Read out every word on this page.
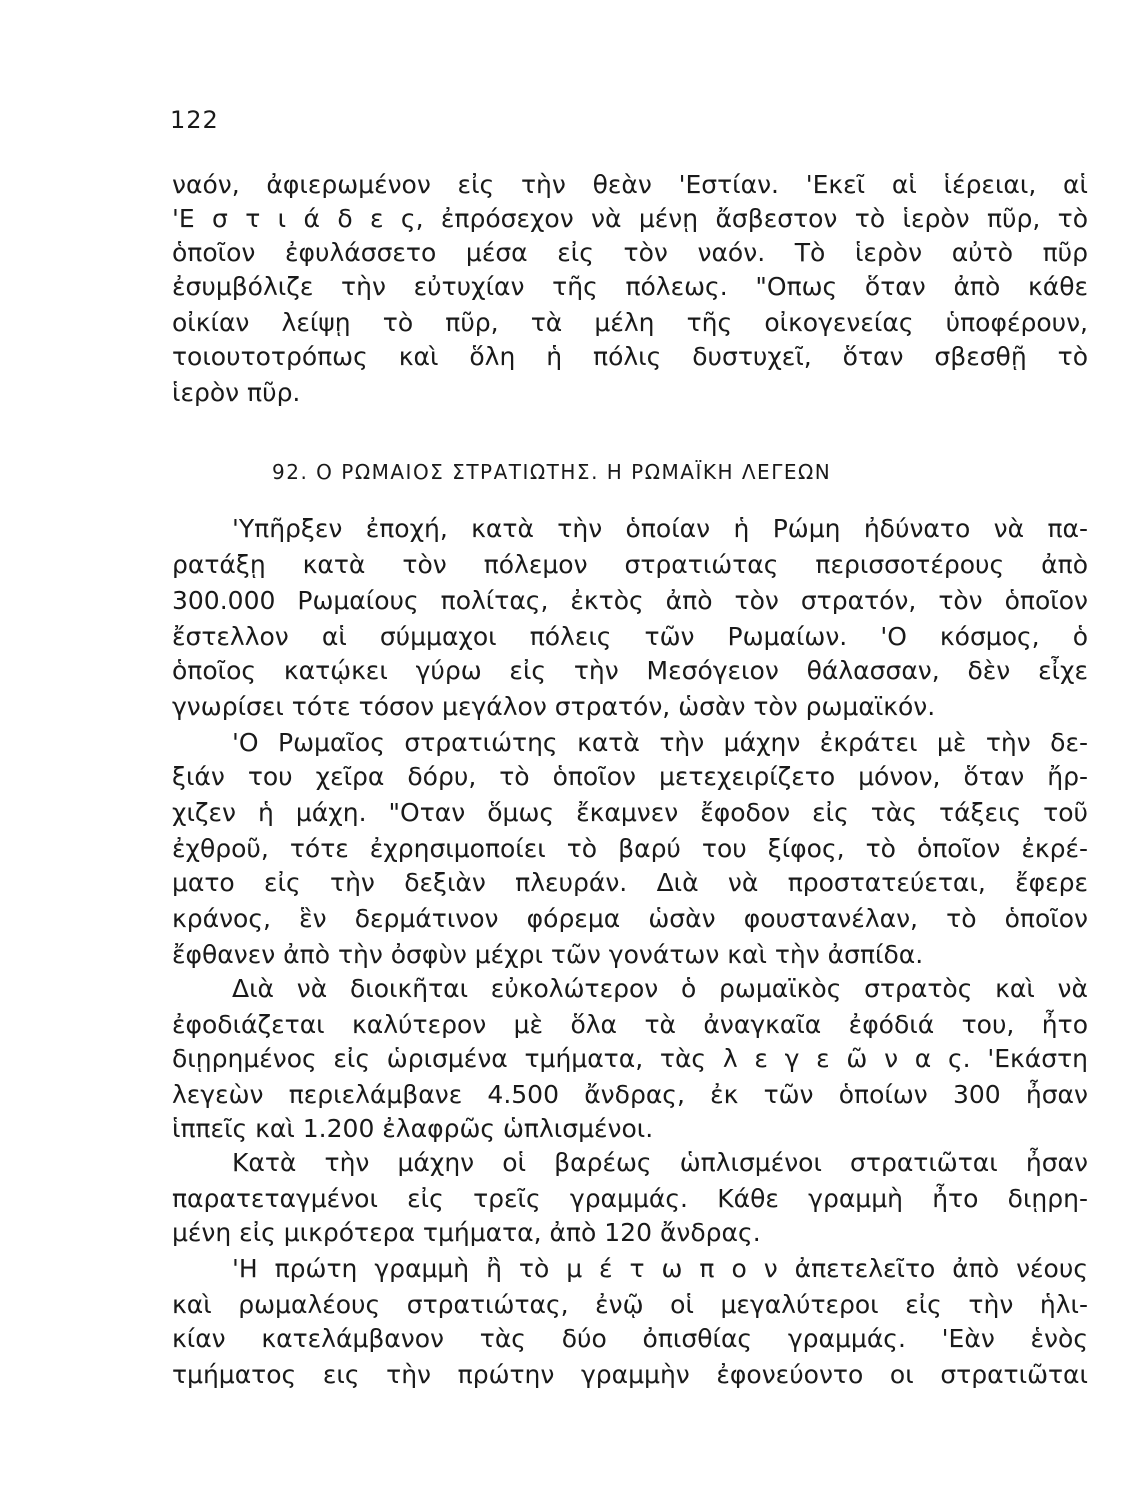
122
ναόν, ἀφιερωμένον εἰς τὴν θεὰν 'Εστίαν. 'Εκεῖ αἱ ἱέρειαι, αἱ
'Ε σ τ ι ά δ ε ς, ἐπρόσεχον νὰ μένῃ ἄσβεστον τὸ ἱερὸν πῦρ, τὸ
ὁποῖον ἐφυλάσσετο μέσα εἰς τὸν ναόν. Τὸ ἱερὸν αὐτὸ πῦρ
ἐσυμβόλιζε τὴν εὐτυχίαν τῆς πόλεως. "Οπως ὅταν ἀπὸ κάθε
οἰκίαν λείψῃ τὸ πῦρ, τὰ μέλη τῆς οἰκογενείας ὑποφέρουν,
τοιουτοτρόπως καὶ ὅλη ἡ πόλις δυστυχεῖ, ὅταν σβεσθῇ τὸ
ἱερὸν πῦρ.
92. Ο ΡΩΜΑΙΟΣ ΣΤΡΑΤΙΩΤΗΣ. Η ΡΩΜΑΪΚΗ ΛΕΓΕΩΝ
'Υπῆρξεν ἐποχή, κατὰ τὴν ὁποίαν ἡ Ρώμη ἠδύνατο νὰ πα-
ρατάξῃ κατὰ τὸν πόλεμον στρατιώτας περισσοτέρους ἀπὸ
300.000 Ρωμαίους πολίτας, ἐκτὸς ἀπὸ τὸν στρατόν, τὸν ὁποῖον
ἔστελλον αἱ σύμμαχοι πόλεις τῶν Ρωμαίων. 'Ο κόσμος, ὁ
ὁποῖος κατῴκει γύρω εἰς τὴν Μεσόγειον θάλασσαν, δὲν εἶχε
γνωρίσει τότε τόσον μεγάλον στρατόν, ὡσὰν τὸν ρωμαϊκόν.
'Ο Ρωμαῖος στρατιώτης κατὰ τὴν μάχην ἐκράτει μὲ τὴν δε-
ξιάν του χεῖρα δόρυ, τὸ ὁποῖον μετεχειρίζετο μόνον, ὅταν ἤρ-
χιζεν ἡ μάχη. "Οταν ὅμως ἔκαμνεν ἔφοδον εἰς τὰς τάξεις τοῦ
ἐχθροῦ, τότε ἐχρησιμοποίει τὸ βαρύ του ξίφος, τὸ ὁποῖον ἐκρέ-
ματο εἰς τὴν δεξιὰν πλευράν. Διὰ νὰ προστατεύεται, ἔφερε
κράνος, ἓν δερμάτινον φόρεμα ὡσὰν φουστανέλαν, τὸ ὁποῖον
ἔφθανεν ἀπὸ τὴν ὀσφὺν μέχρι τῶν γονάτων καὶ τὴν ἀσπίδα.
Διὰ νὰ διοικῆται εὐκολώτερον ὁ ρωμαϊκὸς στρατὸς καὶ νὰ
ἐφοδιάζεται καλύτερον μὲ ὅλα τὰ ἀναγκαῖα ἐφόδιά του, ἦτο
διῃρημένος εἰς ὡρισμένα τμήματα, τὰς λ ε γ ε ῶ ν α ς. 'Εκάστη
λεγεὼν περιελάμβανε 4.500 ἄνδρας, ἐκ τῶν ὁποίων 300 ἦσαν
ἱππεῖς καὶ 1.200 ἐλαφρῶς ὡπλισμένοι.
Κατὰ τὴν μάχην οἱ βαρέως ὡπλισμένοι στρατιῶται ἦσαν
παρατεταγμένοι εἰς τρεῖς γραμμάς. Κάθε γραμμὴ ἦτο διῃρη-
μένη εἰς μικρότερα τμήματα, ἀπὸ 120 ἄνδρας.
'Η πρώτη γραμμὴ ἢ τὸ μ έ τ ω π ο ν ἀπετελεῖτο ἀπὸ νέους
καὶ ρωμαλέους στρατιώτας, ἐνῷ οἱ μεγαλύτεροι εἰς τὴν ἡλι-
κίαν κατελάμβανον τὰς δύο ὀπισθίας γραμμάς. 'Εὰν ἑνὸς
τμήματος εις τὴν πρώτην γραμμὴν ἐφονεύοντο οι στρατιῶται
